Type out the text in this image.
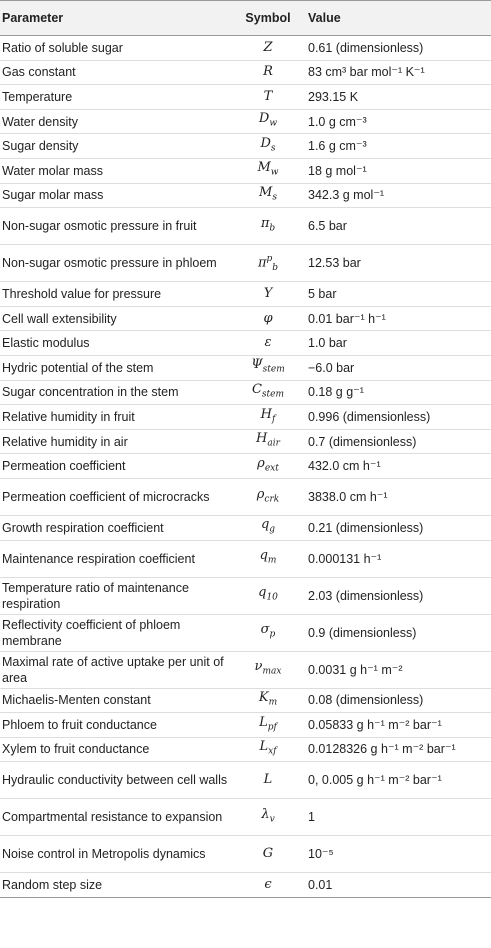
Parameter	Symbol	Value
Ratio of soluble sugar	Z	0.61 (dimensionless)
Gas constant	R	83 cm³ bar mol⁻¹ K⁻¹
Temperature	T	293.15 K
Water density	$D_w$	1.0 g cm⁻³
Sugar density	$D_s$	1.6 g cm⁻³
Water molar mass	$M_w$	18 g mol⁻¹
Sugar molar mass	$M_s$	342.3 g mol⁻¹
Non-sugar osmotic pressure in fruit	$\pi_b$	6.5 bar
Non-sugar osmotic pressure in phloem	$\pi^p_b$	12.53 bar
Threshold value for pressure	Y	5 bar
Cell wall extensibility	φ	0.01 bar⁻¹ h⁻¹
Elastic modulus	ε	1.0 bar
Hydric potential of the stem	$\Psi_{stem}$	−6.0 bar
Sugar concentration in the stem	$C_{stem}$	0.18 g g⁻¹
Relative humidity in fruit	$H_f$	0.996 (dimensionless)
Relative humidity in air	$H_{air}$	0.7 (dimensionless)
Permeation coefficient	$\rho_{ext}$	432.0 cm h⁻¹
Permeation coefficient of microcracks	$\rho_{crk}$	3838.0 cm h⁻¹
Growth respiration coefficient	$q_g$	0.21 (dimensionless)
Maintenance respiration coefficient	$q_m$	0.000131 h⁻¹
Temperature ratio of maintenance respiration	$q_{10}$	2.03 (dimensionless)
Reflectivity coefficient of phloem membrane	$\sigma_p$	0.9 (dimensionless)
Maximal rate of active uptake per unit of area	$\nu_{max}$	0.0031 g h⁻¹ m⁻²
Michaelis-Menten constant	$K_m$	0.08 (dimensionless)
Phloem to fruit conductance	$L_{pf}$	0.05833 g h⁻¹ m⁻² bar⁻¹
Xylem to fruit conductance	$L_{xf}$	0.0128326 g h⁻¹ m⁻² bar⁻¹
Hydraulic conductivity between cell walls	L	0, 0.005 g h⁻¹ m⁻² bar⁻¹
Compartmental resistance to expansion	$\lambda_v$	1
Noise control in Metropolis dynamics	G	10⁻⁵
Random step size	ϵ	0.01
